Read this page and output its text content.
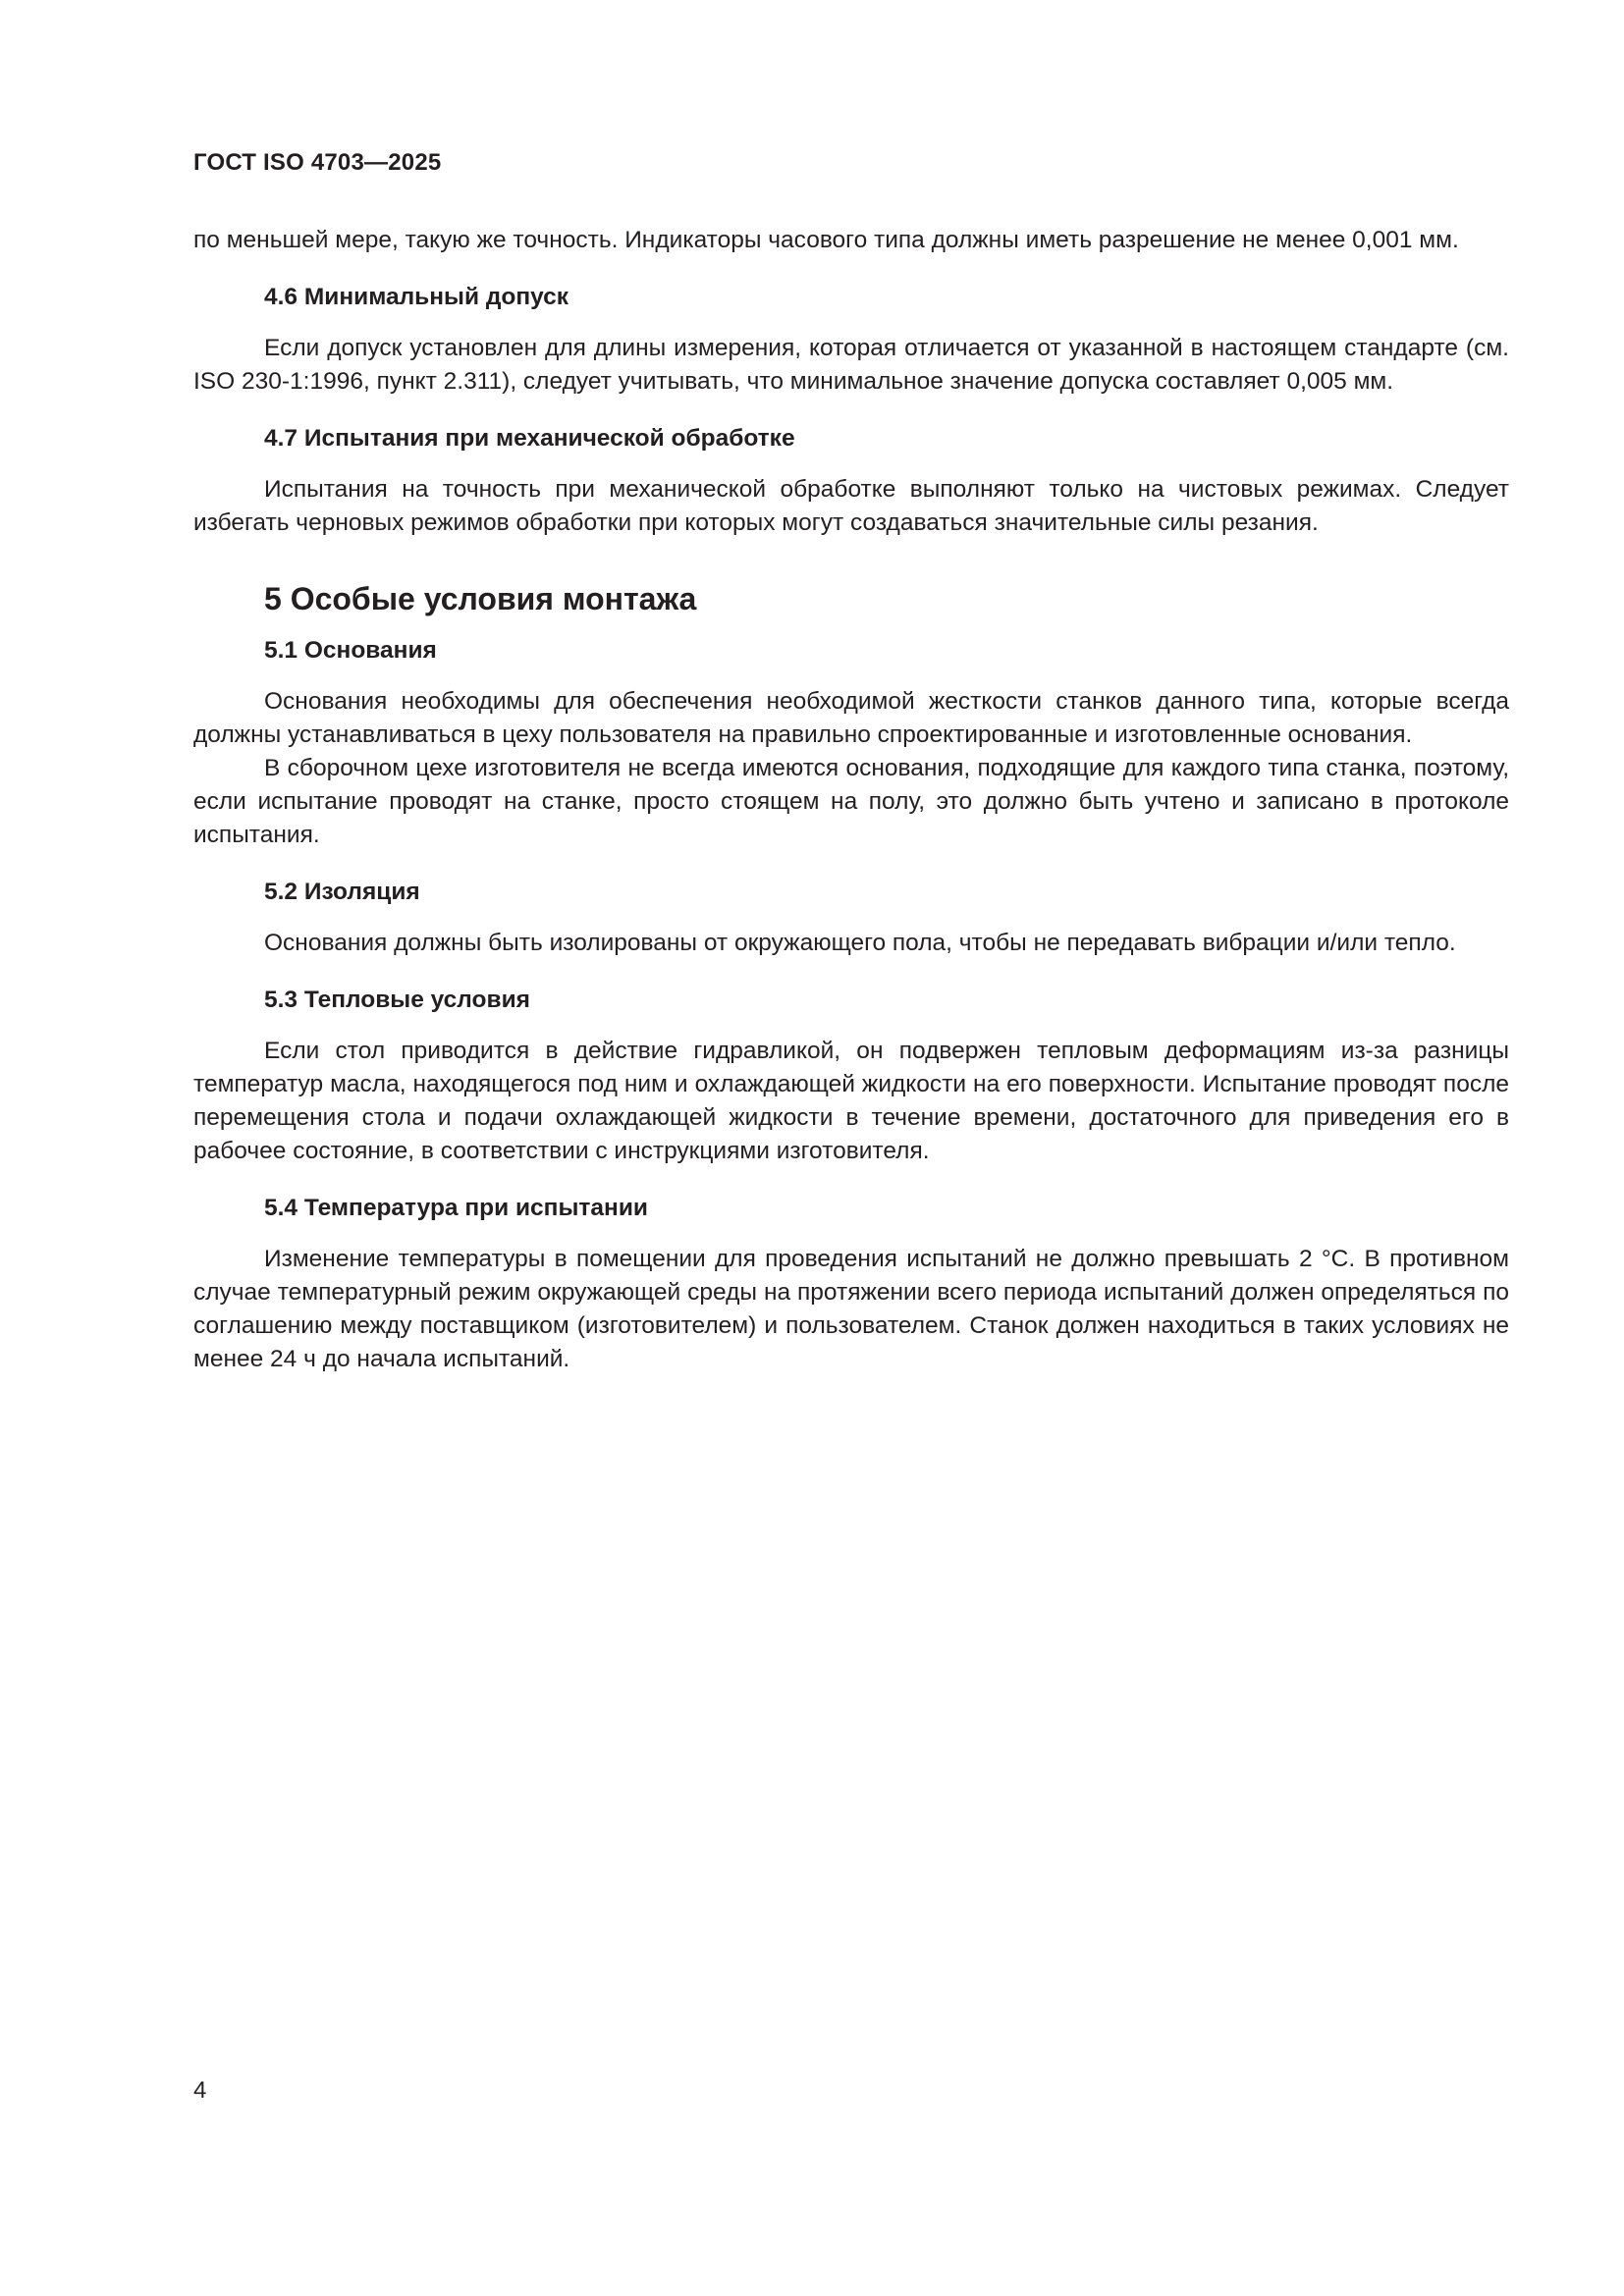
ГОСТ ISO 4703—2025

по меньшей мере, такую же точность. Индикаторы часового типа должны иметь разрешение не менее 0,001 мм.

4.6 Минимальный допуск

Если допуск установлен для длины измерения, которая отличается от указанной в настоящем стандарте (см. ISO 230-1:1996, пункт 2.311), следует учитывать, что минимальное значение допуска составляет 0,005 мм.

4.7 Испытания при механической обработке

Испытания на точность при механической обработке выполняют только на чистовых режимах. Следует избегать черновых режимов обработки при которых могут создаваться значительные силы резания.

5 Особые условия монтажа
5.1 Основания

Основания необходимы для обеспечения необходимой жесткости станков данного типа, которые всегда должны устанавливаться в цеху пользователя на правильно спроектированные и изготовленные основания.

В сборочном цехе изготовителя не всегда имеются основания, подходящие для каждого типа станка, поэтому, если испытание проводят на станке, просто стоящем на полу, это должно быть учтено и записано в протоколе испытания.

5.2 Изоляция

Основания должны быть изолированы от окружающего пола, чтобы не передавать вибрации и/или тепло.

5.3 Тепловые условия

Если стол приводится в действие гидравликой, он подвержен тепловым деформациям из-за разницы температур масла, находящегося под ним и охлаждающей жидкости на его поверхности. Испытание проводят после перемещения стола и подачи охлаждающей жидкости в течение времени, достаточного для приведения его в рабочее состояние, в соответствии с инструкциями изготовителя.

5.4 Температура при испытании

Изменение температуры в помещении для проведения испытаний не должно превышать 2 °С. В противном случае температурный режим окружающей среды на протяжении всего периода испытаний должен определяться по соглашению между поставщиком (изготовителем) и пользователем. Станок должен находиться в таких условиях не менее 24 ч до начала испытаний.

4
